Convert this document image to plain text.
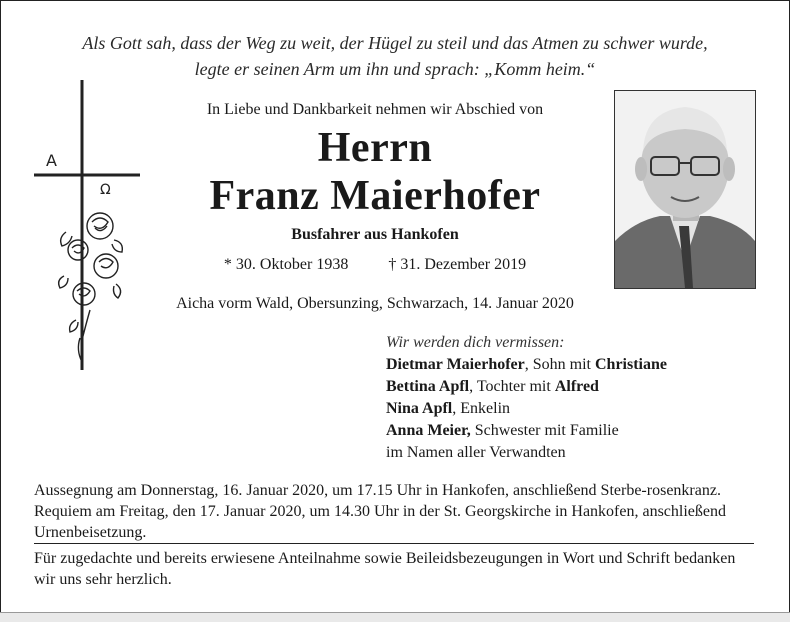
Als Gott sah, dass der Weg zu weit, der Hügel zu steil und das Atmen zu schwer wurde,
legte er seinen Arm um ihn und sprach: „Komm heim.“
A
Ω
In Liebe und Dankbarkeit nehmen wir Abschied von
Herrn
Franz Maierhofer
Busfahrer aus Hankofen
* 30. Oktober 1938	† 31. Dezember 2019
Aicha vorm Wald, Obersunzing, Schwarzach, 14. Januar 2020
Wir werden dich vermissen:
Dietmar Maierhofer, Sohn mit Christiane
Bettina Apfl, Tochter mit Alfred
Nina Apfl, Enkelin
Anna Meier, Schwester mit Familie
im Namen aller Verwandten
Aussegnung am Donnerstag, 16. Januar 2020, um 17.15 Uhr in Hankofen, anschließend Sterbe-rosenkranz. Requiem am Freitag, den 17. Januar 2020, um 14.30 Uhr in der St. Georgskirche in Hankofen, anschließend Urnenbeisetzung.
Für zugedachte und bereits erwiesene Anteilnahme sowie Beileidsbezeugungen in Wort und Schrift bedanken wir uns sehr herzlich.
